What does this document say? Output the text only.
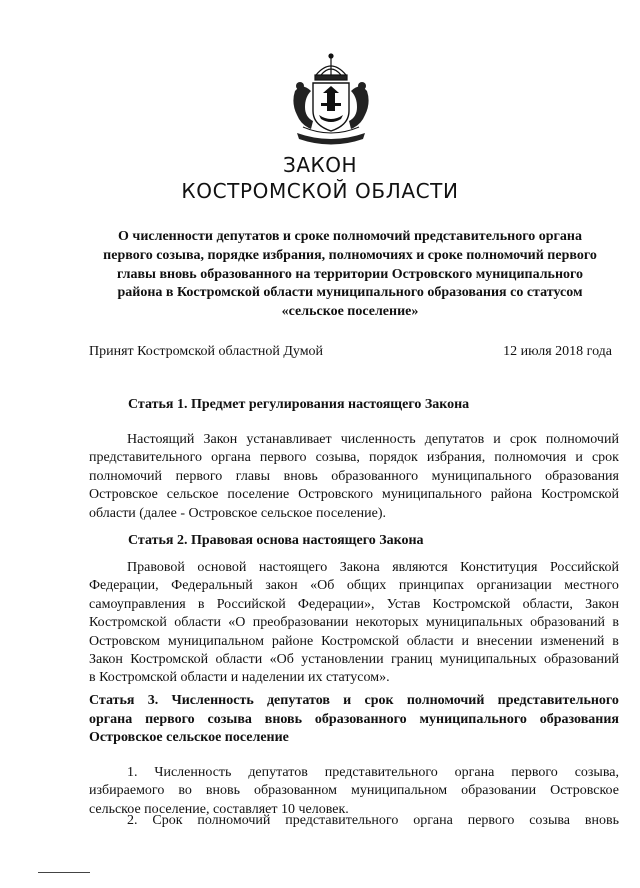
ЗАКОН
КОСТРОМСКОЙ ОБЛАСТИ
О численности депутатов и сроке полномочий представительного органа
первого созыва, порядке избрания, полномочиях и сроке полномочий первого
главы вновь образованного на территории Островского муниципального
района в Костромской области муниципального образования со статусом
«сельское поселение»
Принят Костромской областной Думой	12 июля 2018 года
Статья 1. Предмет регулирования настоящего Закона
Настоящий Закон устанавливает численность депутатов и срок полномочий
представительного органа первого созыва, порядок избрания, полномочия и срок
полномочий первого главы вновь образованного муниципального образования
Островское сельское поселение Островского муниципального района Костромской
области (далее - Островское сельское поселение).
Статья 2. Правовая основа настоящего Закона
Правовой основой настоящего Закона являются Конституция Российской
Федерации, Федеральный закон «Об общих принципах организации местного
самоуправления в Российской Федерации», Устав Костромской области, Закон
Костромской области «О преобразовании некоторых муниципальных образований в
Островском муниципальном районе Костромской области и внесении изменений в
Закон Костромской области «Об установлении границ муниципальных образований
в Костромской области и наделении их статусом».
Статья 3. Численность депутатов и срок полномочий представительного
органа первого созыва вновь образованного муниципального образования
Островское сельское поселение
1. Численность депутатов представительного органа первого созыва,
избираемого во вновь образованном муниципальном образовании Островское
сельское поселение, составляет 10 человек.
2. Срок полномочий представительного органа первого созыва вновь
